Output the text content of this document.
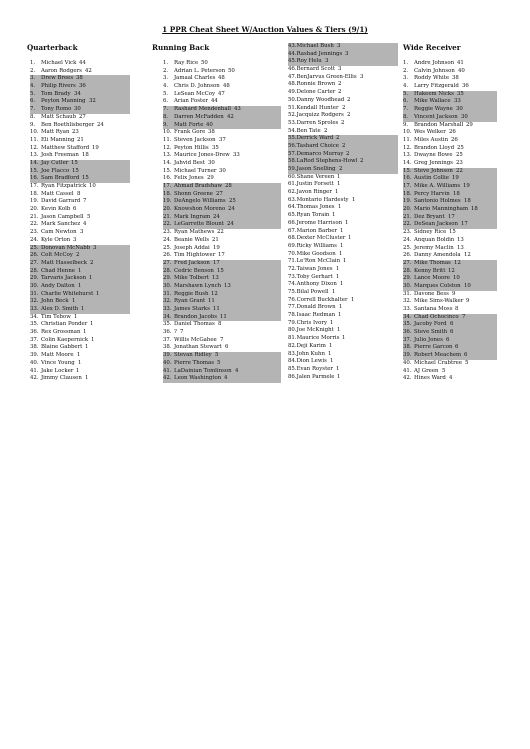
1 PPR Cheat Sheet W/Auction Values & Tiers (9/1)
Quarterback
1. Michael Vick 44
2. Aaron Rodgers 42
3. Drew Brees 38
4. Philip Rivers 36
5. Tom Brady 34
6. Peyton Manning 32
7. Tony Romo 30
8. Matt Schaub 27
9. Ben Roethlisberger 24
10. Matt Ryan 23
11. Eli Manning 21
12. Matthew Stafford 19
13. Josh Freeman 18
14. Jay Cutler 15
15. Joe Flacco 15
16. Sam Bradford 15
17. Ryan Fitzpatrick 10
18. Matt Cassel 8
19. David Garrard 7
20. Kevin Kolb 6
21. Jason Campbell 5
22. Mark Sanchez 4
23. Cam Newton 3
24. Kyle Orton 3
25. Donovan McNabb 3
26. Colt McCoy 2
27. Matt Hasselbeck 2
28. Chad Henne 1
29. Tarvaris Jackson 1
30. Andy Dalton 1
31. Charlie Whitehurst 1
32. John Beck 1
33. Alex D. Smith 1
34. Tim Tebow 1
35. Christian Ponder 1
36. Rex Grossman 1
37. Colin Kaepernick 1
38. Blaine Gabbert 1
39. Matt Moore 1
40. Vince Young 1
41. Jake Locker 1
42. Jimmy Clausen 1
Running Back
1. Ray Rice 50
2. Adrian L. Peterson 50
3. Jamaal Charles 48
4. Chris D. Johnson 48
5. LeSean McCoy 47
6. Arian Foster 44
7. Rashard Mendenhall 43
8. Darren McFadden 42
9. Matt Forte 40
10. Frank Gore 38
11. Steven Jackson 37
12. Peyton Hillis 35
13. Maurice Jones-Drew 33
14. Jahvid Best 30
15. Michael Turner 30
16. Felix Jones 29
17. Ahmad Bradshaw 28
18. Shonn Greene 27
19. DeAngelo Williams 25
20. Knowshon Moreno 24
21. Mark Ingram 24
22. LeGarrette Blount 24
23. Ryan Mathews 22
24. Beanie Wells 21
25. Joseph Addai 19
26. Tim Hightower 17
27. Fred Jackson 17
28. Cedric Benson 15
29. Mike Tolbert 13
30. Marshawn Lynch 13
31. Reggie Bush 12
32. Ryan Grant 11
33. James Starks 11
34. Brandon Jacobs 11
35. Daniel Thomas 8
36. ? 7
37. Willis McGahee 7
38. Jonathan Stewart 6
39. Stevan Ridley 5
40. Pierre Thomas 5
41. LaDainian Tomlinson 4
42. Leon Washington 4
43.Michael Bush 3
44.Rashad Jennings 3
45.Roy Helu 3
46.Bernard Scott 3
47.BenJarvus Green-Ellis 3
48.Ronnie Brown 2
49.Delone Carter 2
50.Danny Woodhead 2
51.Kendall Hunter 2
52.Jacquizz Rodgers 2
53.Darren Sproles 2
54.Ben Tate 2
55.Derrick Ward 2
56.Tashard Choice 2
57.Demarco Murray 2
58.LaRod Stephens-Howl 2
59.Jason Snelling 2
60.Shane Vereen 1
61.Justin Forsett 1
62.Javon Ringer 1
63.Montario Hardesty 1
64.Thomas Jones 1
65.Ryan Torain 1
66.Jerome Harrison 1
67.Marion Barber 1
68.Dexter McCluster 1
69.Ricky Williams 1
70.Mike Goodson 1
71.Le'Ron McClain 1
72.Taiwan Jones 1
73.Toby Gerhart 1
74.Anthony Dixon 1
75.Bilal Powell 1
76.Correll Buckhalter 1
77.Donald Brown 1
78.Isaac Redman 1
79.Chris Ivory 1
80.Joe McKnight 1
81.Maurice Morris 1
82.Deji Karim 1
83.John Kuhn 1
84.Dion Lewis 1
85.Evan Royster 1
86.Jalen Parmele 1
Wide Receiver
1. Andre Johnson 41
2. Calvin Johnson 40
3. Roddy White 38
4. Larry Fitzgerald 36
5. Hakeem Nicks 35
6. Mike Wallace 33
7. Reggie Wayne 30
8. Vincent Jackson 30
9. Brandon Marshall 29
10. Wes Welker 26
11. Miles Austin 26
12. Brandon Lloyd 25
13. Dwayne Bowe 25
14. Greg Jennings 23
15. Steve Johnson 22
16. Austin Collie 19
17. Mike A. Williams 19
18. Percy Harvin 18
19. Santonio Holmes 18
20. Mario Manningham 18
21. Dez Bryant 17
22. DeSean Jackson 17
23. Sidney Rice 15
24. Anquan Boldin 13
25. Jeremy Maclin 13
26. Danny Amendola 12
27. Mike Thomas 12
28. Kenny Britt 12
29. Lance Moore 10
30. Marques Colston 10
31. Davone Bess 9
32. Mike Sims-Walker 9
33. Santana Moss 8
34. Chad Ochocinco 7
35. Jacoby Ford 6
36. Steve Smith 6
37. Julio Jones 6
38. Pierre Garcon 6
39. Robert Meachem 6
40. Michael Crabtree 5
41. AJ Green 5
42. Hines Ward 4
